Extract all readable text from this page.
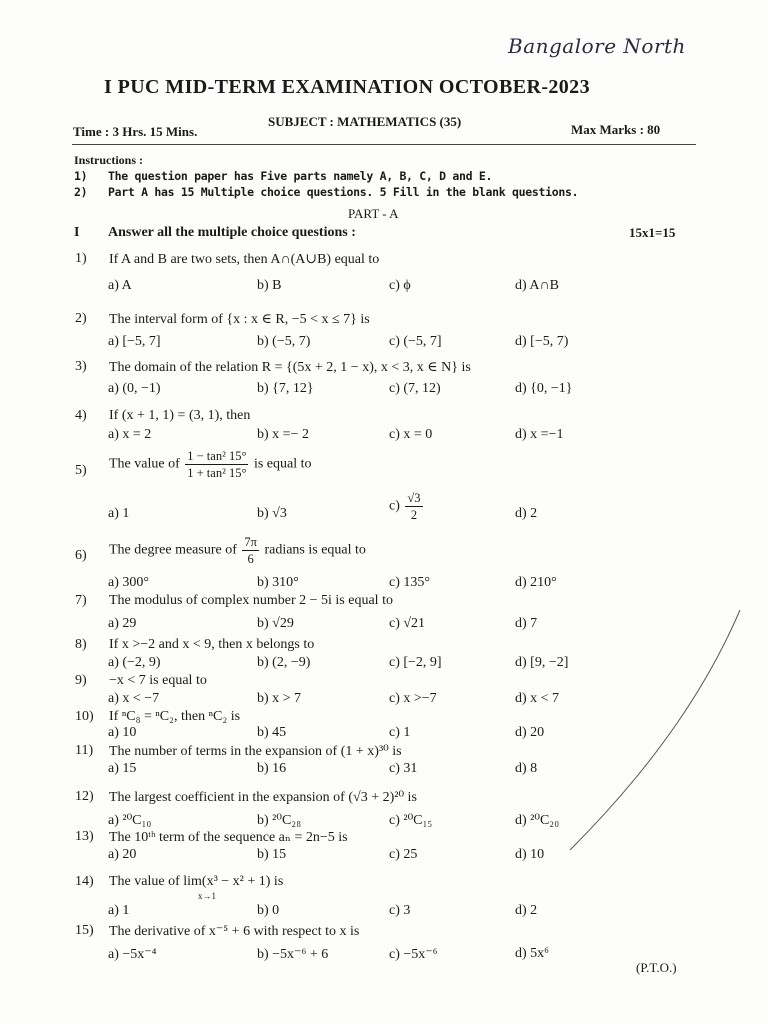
Bangalore North
I PUC MID-TERM EXAMINATION OCTOBER-2023
Time : 3 Hrs. 15 Mins.
SUBJECT : MATHEMATICS (35)
Max Marks : 80
Instructions :
1) The question paper has Five parts namely A, B, C, D and E.
2) Part A has 15 Multiple choice questions. 5 Fill in the blank questions.
PART - A
I Answer all the multiple choice questions :	15x1=15
1) If A and B are two sets, then A∩(A∪B) equal to
a) A	b) B	c) ϕ	d) A∩B
2) The interval form of {x : x ∈ R, −5 < x ≤ 7} is
a) [−5, 7]	b) (−5, 7)	c) (−5, 7]	d) [−5, 7)
3) The domain of the relation R = {(5x + 2, 1 − x), x < 3, x ∈ N} is
a) (0, −1)	b) {7, 12}	c) (7, 12)	d) {0, −1}
4) If (x + 1, 1) = (3, 1), then
a) x = 2	b) x =− 2	c) x = 0	d) x =−1
5) The value of $\frac{\text{1 − tan² 15°}}{\text{1 + tan² 15°}}$ is equal to
a) 1	b) √3	$c) \frac{√3}{2}$	d) 2
6) The degree measure of $\frac{7\pi}{6}$ radians is equal to
a) 300°	b) 310°	c) 135°	d) 210°
7) The modulus of complex number 2 − 5i is equal to
a) 29	b) √29	c) √21	d) 7
8) If x >−2 and x < 9, then x belongs to
a) (−2, 9)	b) (2, −9)	c) [−2, 9]	d) [9, −2]
9) −x < 7 is equal to
a) x < −7	b) x > 7	c) x >−7	d) x < 7
10) If ⁿC₈ = ⁿC₂, then ⁿC₂ is
a) 10	b) 45	c) 1	d) 20
11) The number of terms in the expansion of (1 + x)³⁰ is
a) 15	b) 16	c) 31	d) 8
12) The largest coefficient in the expansion of (√3 + 2)²⁰ is
a) ²⁰C₁₀	b) ²⁰C₂₈	c) ²⁰C₁₅	d) ²⁰C₂₀
13) The 10ᵗʰ term of the sequence aₙ = 2n−5 is
a) 20	b) 15	c) 25	d) 10
14) The value of lim(x³ − x² + 1) is
x→1
a) 1	b) 0	c) 3	d) 2
15) The derivative of x⁻⁵ + 6 with respect to x is
a) −5x⁻⁴	b) −5x⁻⁶ + 6	c) −5x⁻⁶	d) 5x⁶
(P.T.O.)
